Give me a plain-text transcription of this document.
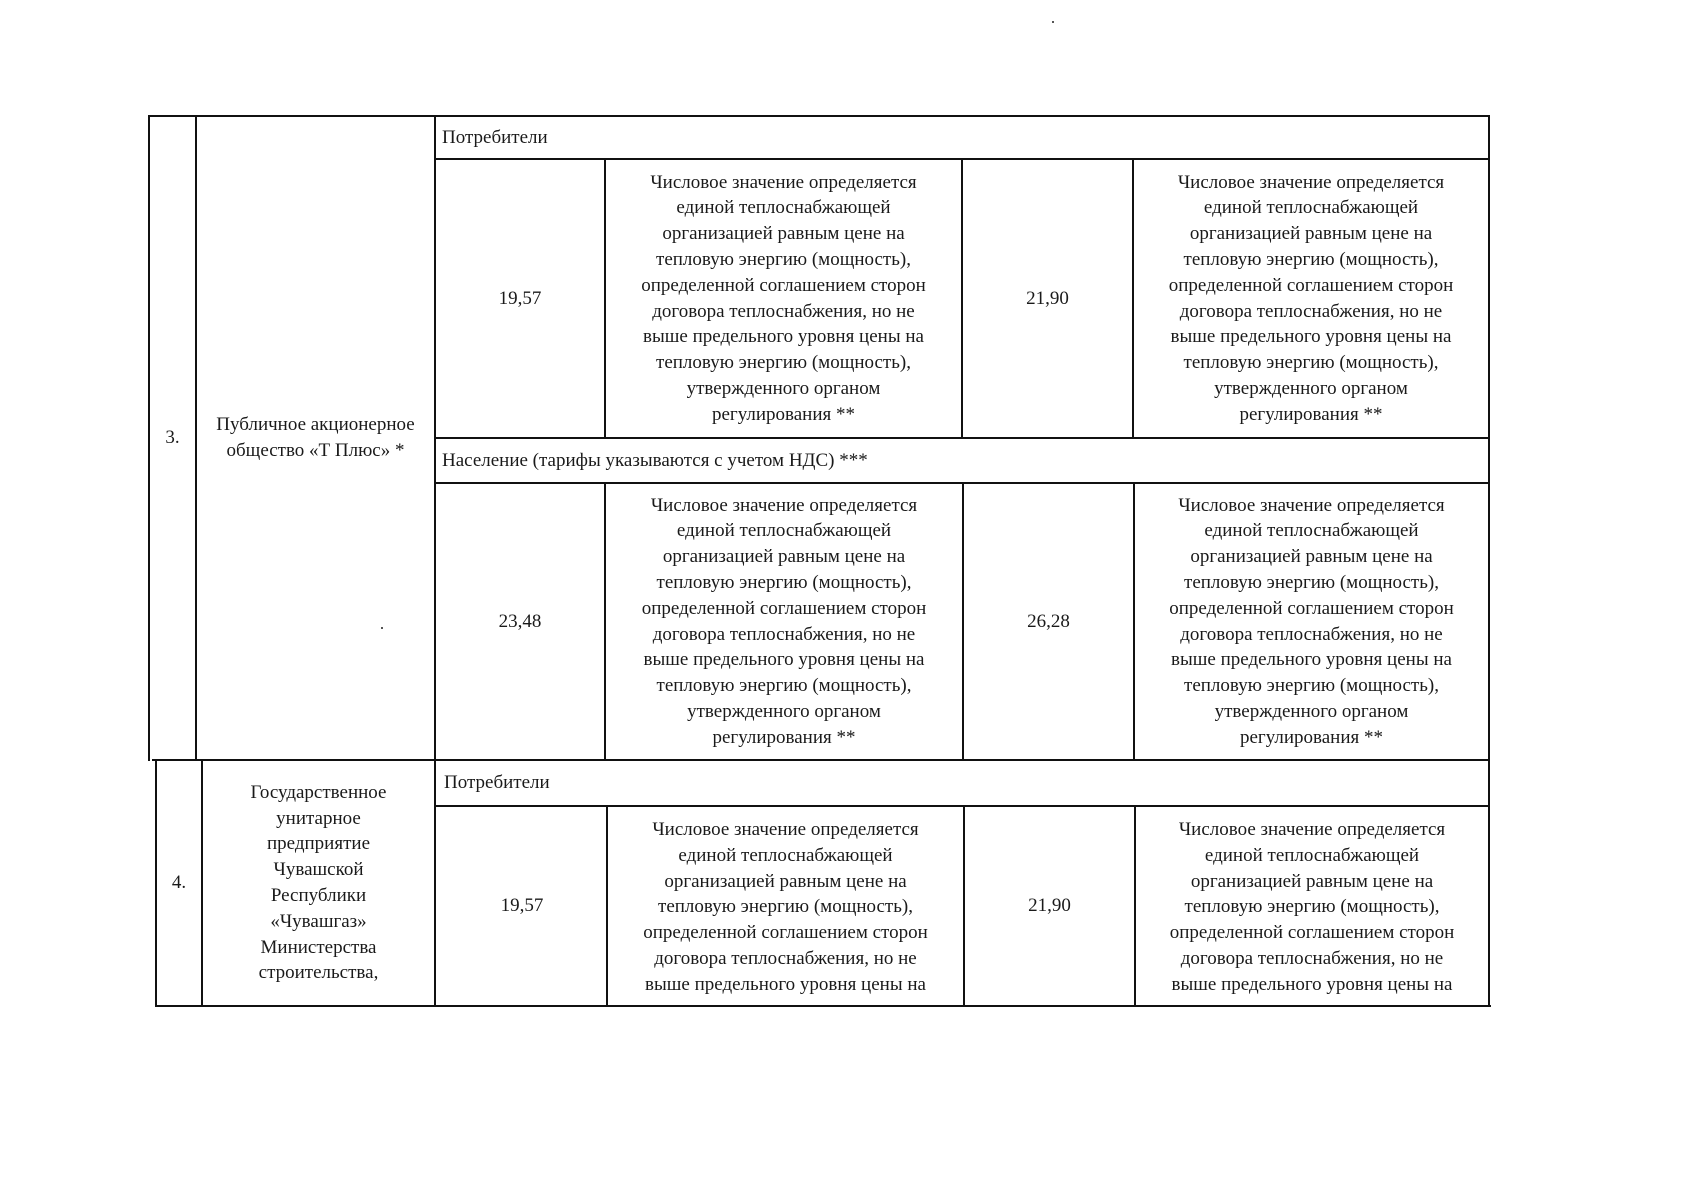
3.
Публичное акционерное общество «Т Плюс» *
Потребители
19,57
Числовое значение определяется
единой теплоснабжающей
организацией равным цене на
тепловую энергию (мощность),
определенной соглашением сторон
договора теплоснабжения, но не
выше предельного уровня цены на
тепловую энергию (мощность),
утвержденного органом
регулирования **
21,90
Числовое значение определяется
единой теплоснабжающей
организацией равным цене на
тепловую энергию (мощность),
определенной соглашением сторон
договора теплоснабжения, но не
выше предельного уровня цены на
тепловую энергию (мощность),
утвержденного органом
регулирования **
Население (тарифы указываются с учетом НДС) ***
23,48
Числовое значение определяется
единой теплоснабжающей
организацией равным цене на
тепловую энергию (мощность),
определенной соглашением сторон
договора теплоснабжения, но не
выше предельного уровня цены на
тепловую энергию (мощность),
утвержденного органом
регулирования **
26,28
Числовое значение определяется
единой теплоснабжающей
организацией равным цене на
тепловую энергию (мощность),
определенной соглашением сторон
договора теплоснабжения, но не
выше предельного уровня цены на
тепловую энергию (мощность),
утвержденного органом
регулирования **
4.
Государственное
унитарное
предприятие
Чувашской
Республики
«Чувашгаз»
Министерства
строительства,
Потребители
19,57
Числовое значение определяется
единой теплоснабжающей
организацией равным цене на
тепловую энергию (мощность),
определенной соглашением сторон
договора теплоснабжения, но не
выше предельного уровня цены на
21,90
Числовое значение определяется
единой теплоснабжающей
организацией равным цене на
тепловую энергию (мощность),
определенной соглашением сторон
договора теплоснабжения, но не
выше предельного уровня цены на
